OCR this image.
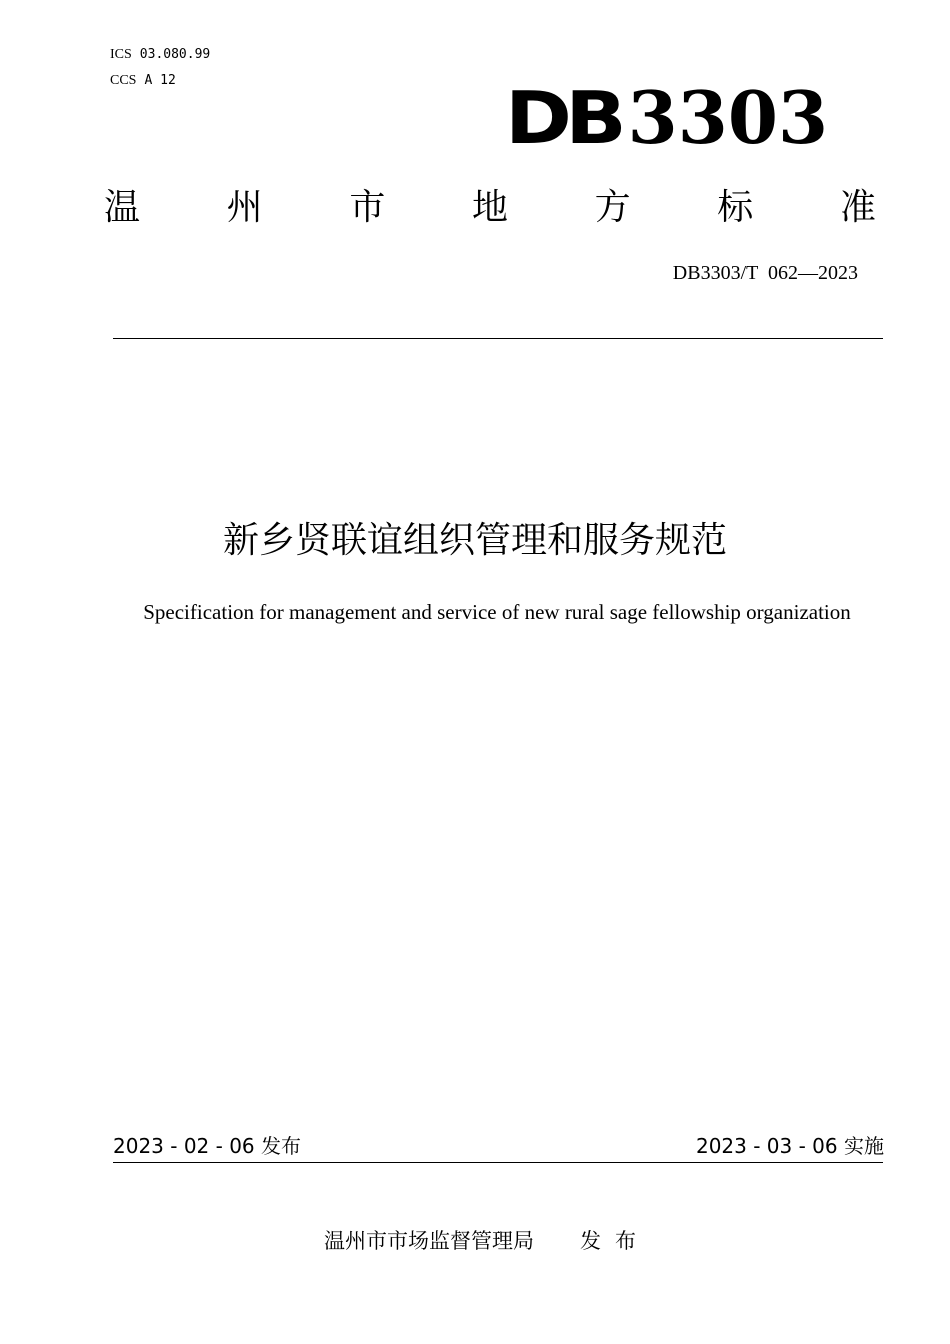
ICS 03.080.99
CCS A 12	DB 3303
温 州 市 地 方 标 准
DB3303/T  062—2023
新乡贤联谊组织管理和服务规范
Specification for management and service of new rural sage fellowship organization
2023 - 02 - 06 发布	2023 - 03 - 06 实施
温州市市场监督管理局 发布
